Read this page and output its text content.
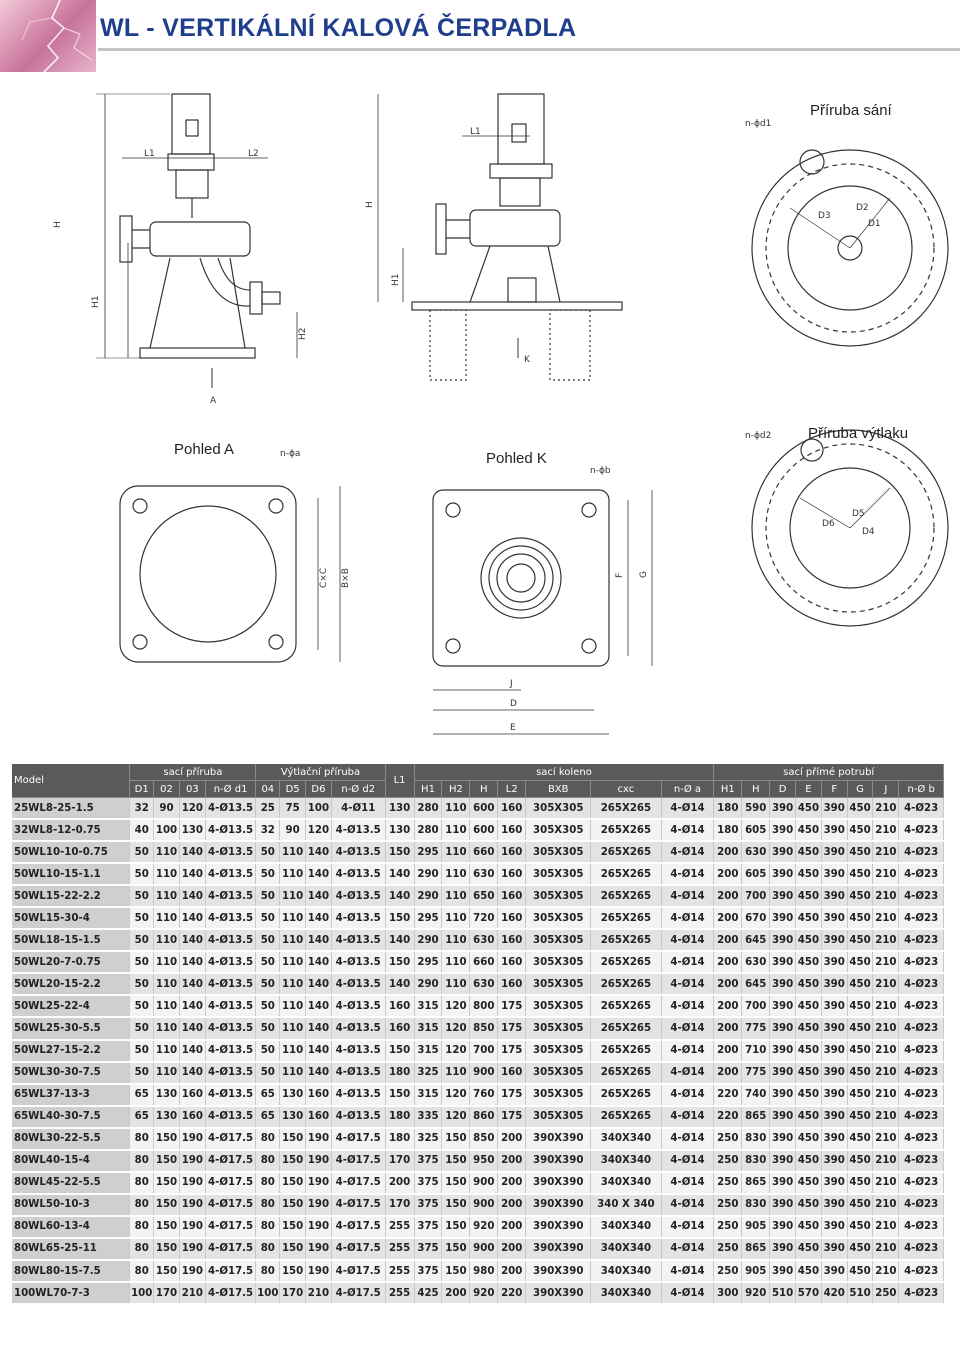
WL - VERTIKÁLNÍ KALOVÁ ČERPADLA
H
H1
H2
L1	L2
A
H
H1
L1
K
C×C B×B	F G
J
D
E
n-ϕd1
n-ϕd2
n-ϕa
n-ϕb
D3
D2
D1
D6
D5
D4
Příruba sání
Příruba výtlaku
Pohled A
Pohled K
Model	sací příruba				Výtlační příruba				L1	sací koleno							sací přímé potrubí							
	D1	02	03	n-Ø d1	04	D5	D6	n-Ø d2		H1	H2	H	L2	BXB	cxc	n-Ø a	H1	H	D	E	F	G	J	n-Ø b
25WL8-25-1.5	32	90	120	4-Ø13.5	25	75	100	4-Ø11	130	280	110	600	160	305X305	265X265	4-Ø14	180	590	390	450	390	450	210	4-Ø23
32WL8-12-0.75	40	100	130	4-Ø13.5	32	90	120	4-Ø13.5	130	280	110	600	160	305X305	265X265	4-Ø14	180	605	390	450	390	450	210	4-Ø23
50WL10-10-0.75	50	110	140	4-Ø13.5	50	110	140	4-Ø13.5	150	295	110	660	160	305X305	265X265	4-Ø14	200	630	390	450	390	450	210	4-Ø23
50WL10-15-1.1	50	110	140	4-Ø13.5	50	110	140	4-Ø13.5	140	290	110	630	160	305X305	265X265	4-Ø14	200	605	390	450	390	450	210	4-Ø23
50WL15-22-2.2	50	110	140	4-Ø13.5	50	110	140	4-Ø13.5	140	290	110	650	160	305X305	265X265	4-Ø14	200	700	390	450	390	450	210	4-Ø23
50WL15-30-4	50	110	140	4-Ø13.5	50	110	140	4-Ø13.5	150	295	110	720	160	305X305	265X265	4-Ø14	200	670	390	450	390	450	210	4-Ø23
50WL18-15-1.5	50	110	140	4-Ø13.5	50	110	140	4-Ø13.5	140	290	110	630	160	305X305	265X265	4-Ø14	200	645	390	450	390	450	210	4-Ø23
50WL20-7-0.75	50	110	140	4-Ø13.5	50	110	140	4-Ø13.5	150	295	110	660	160	305X305	265X265	4-Ø14	200	630	390	450	390	450	210	4-Ø23
50WL20-15-2.2	50	110	140	4-Ø13.5	50	110	140	4-Ø13.5	140	290	110	630	160	305X305	265X265	4-Ø14	200	645	390	450	390	450	210	4-Ø23
50WL25-22-4	50	110	140	4-Ø13.5	50	110	140	4-Ø13.5	160	315	120	800	175	305X305	265X265	4-Ø14	200	700	390	450	390	450	210	4-Ø23
50WL25-30-5.5	50	110	140	4-Ø13.5	50	110	140	4-Ø13.5	160	315	120	850	175	305X305	265X265	4-Ø14	200	775	390	450	390	450	210	4-Ø23
50WL27-15-2.2	50	110	140	4-Ø13.5	50	110	140	4-Ø13.5	150	315	120	700	175	305X305	265X265	4-Ø14	200	710	390	450	390	450	210	4-Ø23
50WL30-30-7.5	50	110	140	4-Ø13.5	50	110	140	4-Ø13.5	180	325	110	900	160	305X305	265X265	4-Ø14	200	775	390	450	390	450	210	4-Ø23
65WL37-13-3	65	130	160	4-Ø13.5	65	130	160	4-Ø13.5	150	315	120	760	175	305X305	265X265	4-Ø14	220	740	390	450	390	450	210	4-Ø23
65WL40-30-7.5	65	130	160	4-Ø13.5	65	130	160	4-Ø13.5	180	335	120	860	175	305X305	265X265	4-Ø14	220	865	390	450	390	450	210	4-Ø23
80WL30-22-5.5	80	150	190	4-Ø17.5	80	150	190	4-Ø17.5	180	325	150	850	200	390X390	340X340	4-Ø14	250	830	390	450	390	450	210	4-Ø23
80WL40-15-4	80	150	190	4-Ø17.5	80	150	190	4-Ø17.5	170	375	150	950	200	390X390	340X340	4-Ø14	250	830	390	450	390	450	210	4-Ø23
80WL45-22-5.5	80	150	190	4-Ø17.5	80	150	190	4-Ø17.5	200	375	150	900	200	390X390	340X340	4-Ø14	250	865	390	450	390	450	210	4-Ø23
80WL50-10-3	80	150	190	4-Ø17.5	80	150	190	4-Ø17.5	170	375	150	900	200	390X390	340 X 340	4-Ø14	250	830	390	450	390	450	210	4-Ø23
80WL60-13-4	80	150	190	4-Ø17.5	80	150	190	4-Ø17.5	255	375	150	920	200	390X390	340X340	4-Ø14	250	905	390	450	390	450	210	4-Ø23
80WL65-25-11	80	150	190	4-Ø17.5	80	150	190	4-Ø17.5	255	375	150	900	200	390X390	340X340	4-Ø14	250	865	390	450	390	450	210	4-Ø23
80WL80-15-7.5	80	150	190	4-Ø17.5	80	150	190	4-Ø17.5	255	375	150	980	200	390X390	340X340	4-Ø14	250	905	390	450	390	450	210	4-Ø23
100WL70-7-3	100	170	210	4-Ø17.5	100	170	210	4-Ø17.5	255	425	200	920	220	390X390	340X340	4-Ø14	300	920	510	570	420	510	250	4-Ø23
